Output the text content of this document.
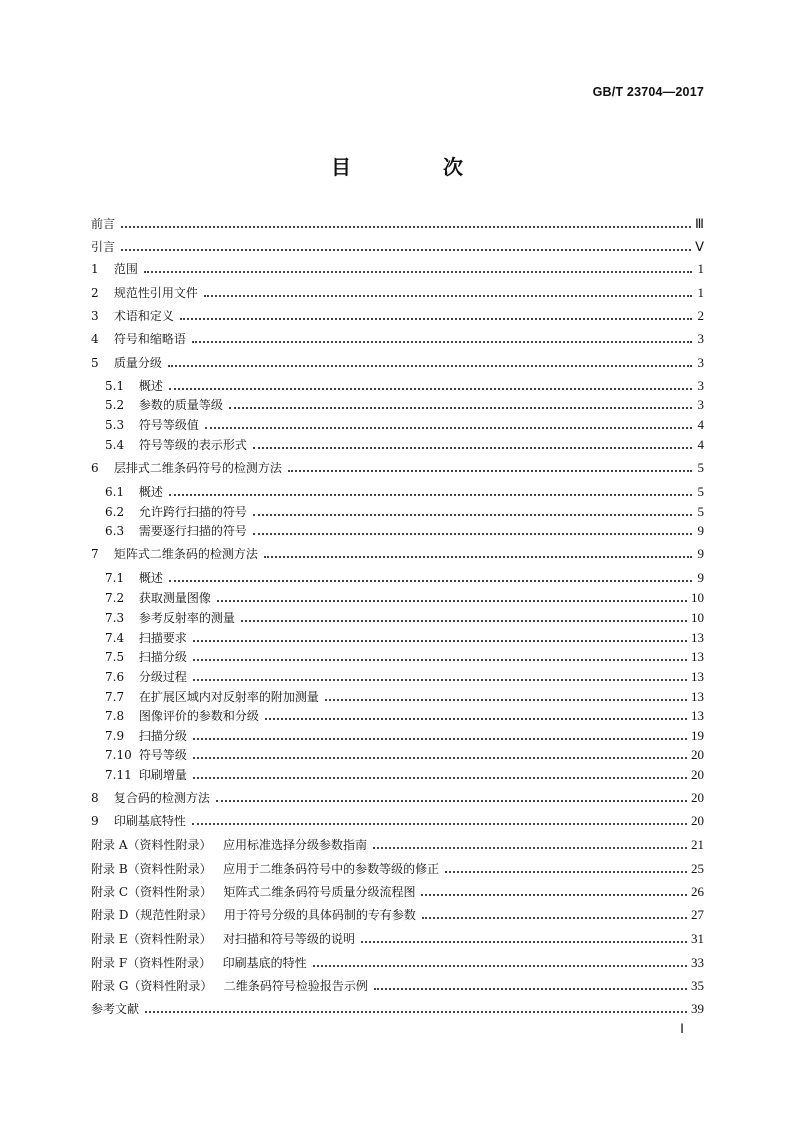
GB/T 23704—2017
目　次
前言	Ⅲ
引言	Ⅴ
1 范围	1
2 规范性引用文件	1
3 术语和定义	2
4 符号和缩略语	3
5 质量分级	3
5.1 概述	3
5.2 参数的质量等级	3
5.3 符号等级值	4
5.4 符号等级的表示形式	4
6 层排式二维条码符号的检测方法	5
6.1 概述	5
6.2 允许跨行扫描的符号	5
6.3 需要逐行扫描的符号	9
7 矩阵式二维条码的检测方法	9
7.1 概述	9
7.2 获取测量图像	10
7.3 参考反射率的测量	10
7.4 扫描要求	13
7.5 扫描分级	13
7.6 分级过程	13
7.7 在扩展区域内对反射率的附加测量	13
7.8 图像评价的参数和分级	13
7.9 扫描分级	19
7.10 符号等级	20
7.11 印刷增量	20
8 复合码的检测方法	20
9 印刷基底特性	20
附录 A（资料性附录） 应用标准选择分级参数指南	21
附录 B（资料性附录） 应用于二维条码符号中的参数等级的修正	25
附录 C（资料性附录） 矩阵式二维条码符号质量分级流程图	26
附录 D（规范性附录） 用于符号分级的具体码制的专有参数	27
附录 E（资料性附录） 对扫描和符号等级的说明	31
附录 F（资料性附录） 印刷基底的特性	33
附录 G（资料性附录） 二维条码符号检验报告示例	35
参考文献	39
Ⅰ
